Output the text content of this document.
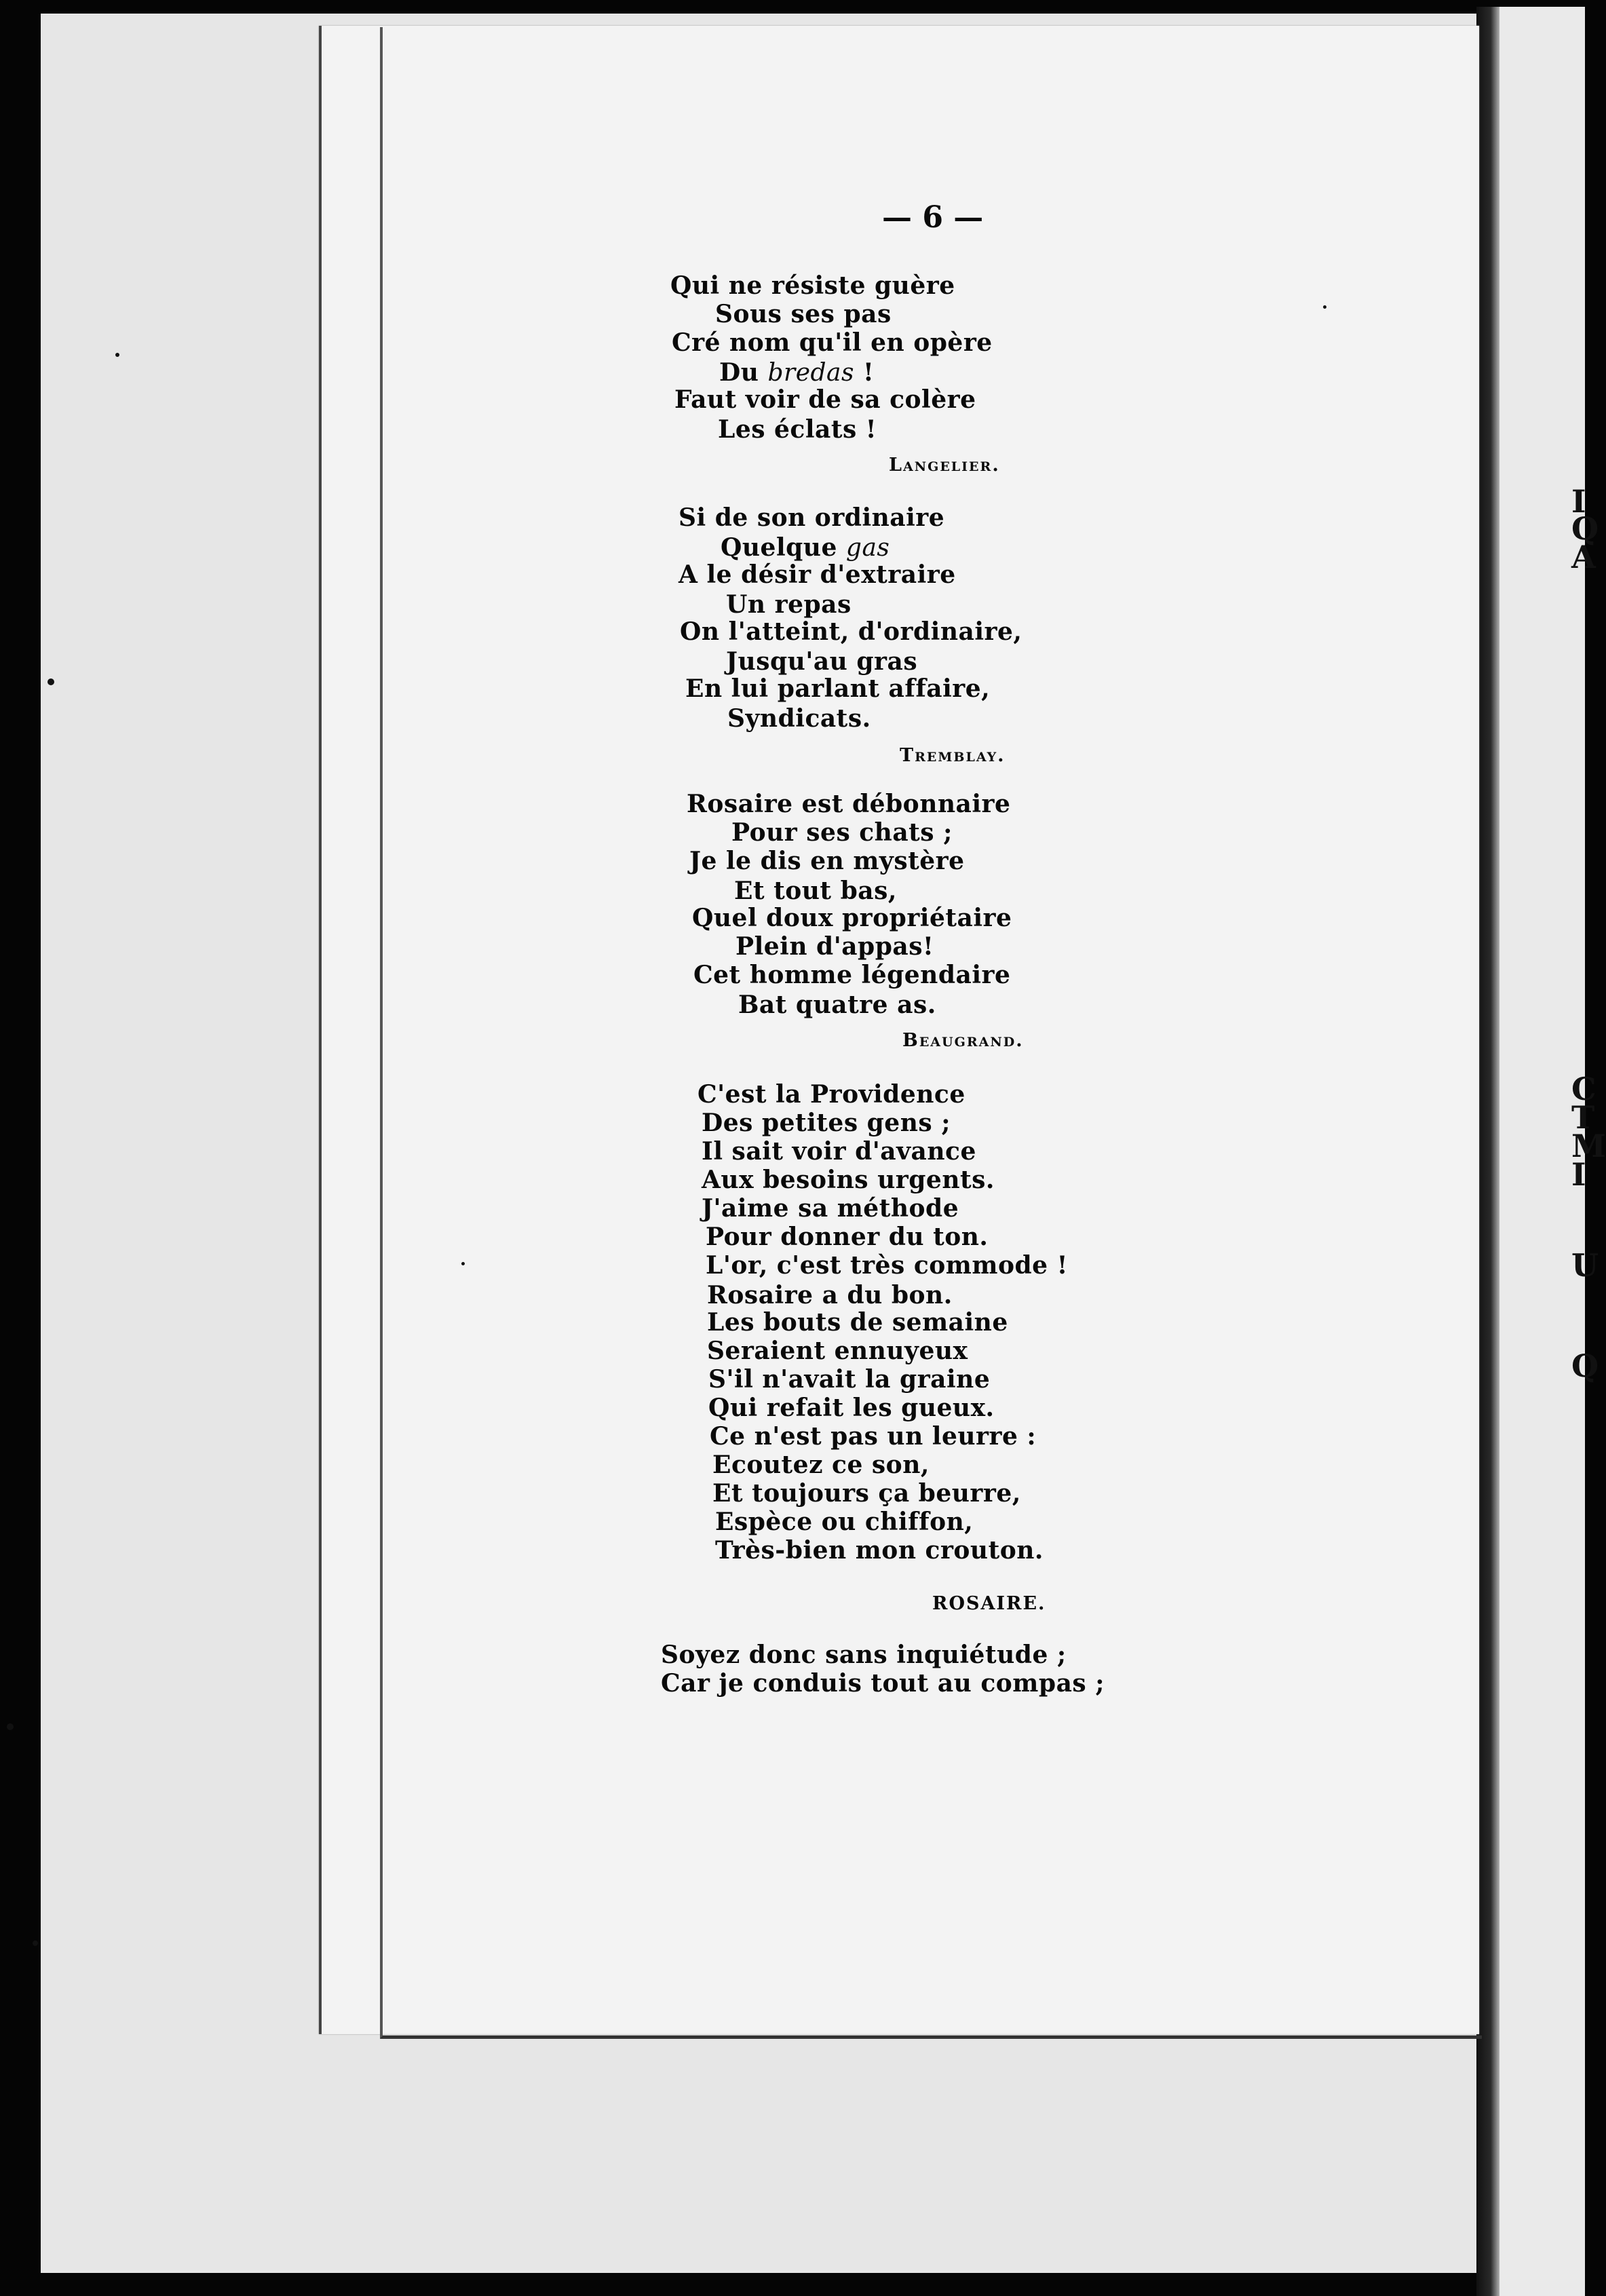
— 6 —
Qui ne résiste guère
Sous ses pas
Cré nom qu'il en opère
Du bredas !
Faut voir de sa colère
Les éclats !
Langelier.
Si de son ordinaire
Quelque gas
A le désir d'extraire
Un repas
On l'atteint, d'ordinaire,
Jusqu'au gras
En lui parlant affaire,
Syndicats.
Tremblay.
Rosaire est débonnaire
Pour ses chats ;
Je le dis en mystère
Et tout bas,
Quel doux propriétaire
Plein d'appas!
Cet homme légendaire
Bat quatre as.
Beaugrand.
C'est la Providence
Des petites gens ;
Il sait voir d'avance
Aux besoins urgents.
J'aime sa méthode
Pour donner du ton.
L'or, c'est très commode !
Rosaire a du bon.
Les bouts de semaine
Seraient ennuyeux
S'il n'avait la graine
Qui refait les gueux.
Ce n'est pas un leurre :
Ecoutez ce son,
Et toujours ça beurre,
Espèce ou chiffon,
Très-bien mon crouton.
ROSAIRE.
Soyez donc sans inquiétude ;
Car je conduis tout au compas ;
I
Q
A
C
T
M
I
U
Q
